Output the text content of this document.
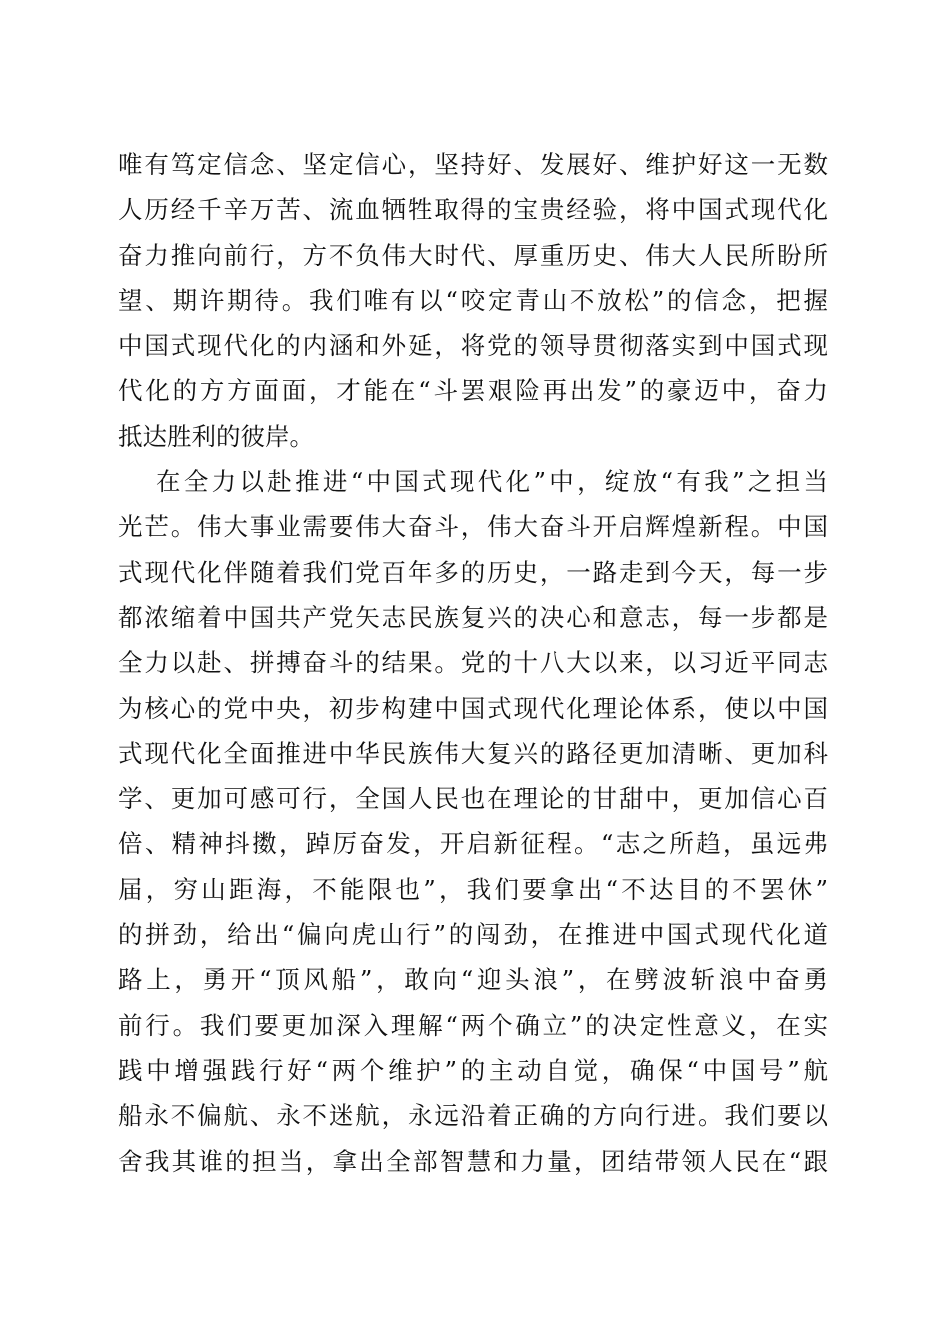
唯有笃定信念、坚定信心，坚持好、发展好、维护好这一无数
人历经千辛万苦、流血牺牲取得的宝贵经验，将中国式现代化
奋力推向前行，方不负伟大时代、厚重历史、伟大人民所盼所
望、期许期待。我们唯有以“咬定青山不放松”的信念，把握
中国式现代化的内涵和外延，将党的领导贯彻落实到中国式现
代化的方方面面，才能在“斗罢艰险再出发”的豪迈中，奋力
抵达胜利的彼岸。
在全力以赴推进“中国式现代化”中，绽放“有我”之担当
光芒。伟大事业需要伟大奋斗，伟大奋斗开启辉煌新程。中国
式现代化伴随着我们党百年多的历史，一路走到今天，每一步
都浓缩着中国共产党矢志民族复兴的决心和意志，每一步都是
全力以赴、拼搏奋斗的结果。党的十八大以来，以习近平同志
为核心的党中央，初步构建中国式现代化理论体系，使以中国
式现代化全面推进中华民族伟大复兴的路径更加清晰、更加科
学、更加可感可行，全国人民也在理论的甘甜中，更加信心百
倍、精神抖擞，踔厉奋发，开启新征程。“志之所趋，虽远弗
届，穷山距海，不能限也”，我们要拿出“不达目的不罢休”
的拼劲，给出“偏向虎山行”的闯劲，在推进中国式现代化道
路上，勇开“顶风船”，敢向“迎头浪”，在劈波斩浪中奋勇
前行。我们要更加深入理解“两个确立”的决定性意义，在实
践中增强践行好“两个维护”的主动自觉，确保“中国号”航
船永不偏航、永不迷航，永远沿着正确的方向行进。我们要以
舍我其谁的担当，拿出全部智慧和力量，团结带领人民在“跟
